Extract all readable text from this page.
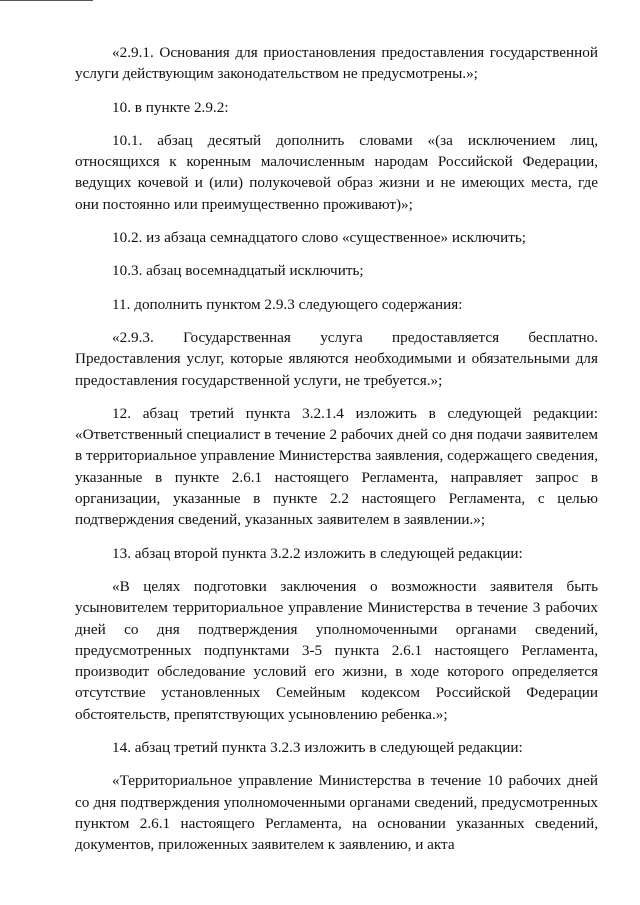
«2.9.1. Основания для приостановления предоставления государственной услуги действующим законодательством не предусмотрены.»;

10. в пункте 2.9.2:

10.1. абзац десятый дополнить словами «(за исключением лиц, относящихся к коренным малочисленным народам Российской Федерации, ведущих кочевой и (или) полукочевой образ жизни и не имеющих места, где они постоянно или преимущественно проживают)»;

10.2. из абзаца семнадцатого слово «существенное» исключить;

10.3. абзац восемнадцатый исключить;

11. дополнить пунктом 2.9.3 следующего содержания:

«2.9.3. Государственная услуга предоставляется бесплатно. Предоставления услуг, которые являются необходимыми и обязательными для предоставления государственной услуги, не требуется.»;

12. абзац третий пункта 3.2.1.4 изложить в следующей редакции: «Ответственный специалист в течение 2 рабочих дней со дня подачи заявителем в территориальное управление Министерства заявления, содержащего сведения, указанные в пункте 2.6.1 настоящего Регламента, направляет запрос в организации, указанные в пункте 2.2 настоящего Регламента, с целью подтверждения сведений, указанных заявителем в заявлении.»;

13. абзац второй пункта 3.2.2 изложить в следующей редакции:

«В целях подготовки заключения о возможности заявителя быть усыновителем территориальное управление Министерства в течение 3 рабочих дней со дня подтверждения уполномоченными органами сведений, предусмотренных подпунктами 3-5 пункта 2.6.1 настоящего Регламента, производит обследование условий его жизни, в ходе которого определяется отсутствие установленных Семейным кодексом Российской Федерации обстоятельств, препятствующих усыновлению ребенка.»;

14. абзац третий пункта 3.2.3 изложить в следующей редакции:

«Территориальное управление Министерства в течение 10 рабочих дней со дня подтверждения уполномоченными органами сведений, предусмотренных пунктом 2.6.1 настоящего Регламента, на основании указанных сведений, документов, приложенных заявителем к заявлению, и акта
